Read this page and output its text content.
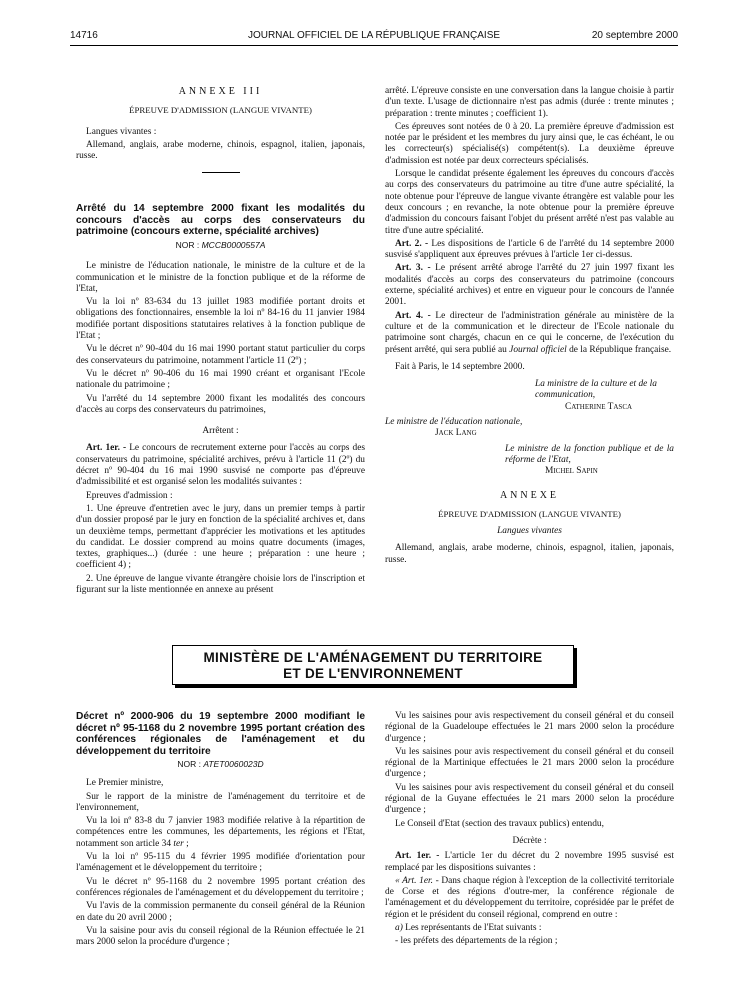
14716	JOURNAL OFFICIEL DE LA RÉPUBLIQUE FRANÇAISE	20 septembre 2000
ANNEXE III
ÉPREUVE D'ADMISSION (LANGUE VIVANTE)

Langues vivantes :

Allemand, anglais, arabe moderne, chinois, espagnol, italien, japonais, russe.

Arrêté du 14 septembre 2000 fixant les modalités du concours d'accès au corps des conservateurs du patrimoine (concours externe, spécialité archives)

NOR : MCCB0000557A

Le ministre de l'éducation nationale, le ministre de la culture et de la communication et le ministre de la fonction publique et de la réforme de l'Etat,

Vu la loi nº 83-634 du 13 juillet 1983 modifiée portant droits et obligations des fonctionnaires, ensemble la loi nº 84-16 du 11 janvier 1984 modifiée portant dispositions statutaires relatives à la fonction publique de l'Etat ;

Vu le décret nº 90-404 du 16 mai 1990 portant statut particulier du corps des conservateurs du patrimoine, notamment l'article 11 (2º) ;

Vu le décret nº 90-406 du 16 mai 1990 créant et organisant l'Ecole nationale du patrimoine ;

Vu l'arrêté du 14 septembre 2000 fixant les modalités des concours d'accès au corps des conservateurs du patrimoines,

Arrêtent :

Art. 1er. - Le concours de recrutement externe pour l'accès au corps des conservateurs du patrimoine, spécialité archives, prévu à l'article 11 (2º) du décret nº 90-404 du 16 mai 1990 susvisé ne comporte pas d'épreuve d'admissibilité et est organisé selon les modalités suivantes :

Epreuves d'admission :

1. Une épreuve d'entretien avec le jury, dans un premier temps à partir d'un dossier proposé par le jury en fonction de la spécialité archives et, dans un deuxième temps, permettant d'apprécier les motivations et les aptitudes du candidat. Le dossier comprend au moins quatre documents (images, textes, graphiques...) (durée : une heure ; préparation : une heure ; coefficient 4) ;

2. Une épreuve de langue vivante étrangère choisie lors de l'inscription et figurant sur la liste mentionnée en annexe au présent

arrêté. L'épreuve consiste en une conversation dans la langue choisie à partir d'un texte. L'usage de dictionnaire n'est pas admis (durée : trente minutes ; préparation : trente minutes ; coefficient 1).

Ces épreuves sont notées de 0 à 20. La première épreuve d'admission est notée par le président et les membres du jury ainsi que, le cas échéant, le ou les correcteur(s) spécialisé(s) compétent(s). La deuxième épreuve d'admission est notée par deux correcteurs spécialisés.

Lorsque le candidat présente également les épreuves du concours d'accès au corps des conservateurs du patrimoine au titre d'une autre spécialité, la note obtenue pour l'épreuve de langue vivante étrangère est valable pour les deux concours ; en revanche, la note obtenue pour la première épreuve d'admission du concours faisant l'objet du présent arrêté n'est pas valable au titre d'une autre spécialité.

Art. 2. - Les dispositions de l'article 6 de l'arrêté du 14 septembre 2000 susvisé s'appliquent aux épreuves prévues à l'article 1er ci-dessus.

Art. 3. - Le présent arrêté abroge l'arrêté du 27 juin 1997 fixant les modalités d'accès au corps des conservateurs du patrimoine (concours externe, spécialité archives) et entre en vigueur pour le concours de l'année 2001.

Art. 4. - Le directeur de l'administration générale au ministère de la culture et de la communication et le directeur de l'Ecole nationale du patrimoine sont chargés, chacun en ce qui le concerne, de l'exécution du présent arrêté, qui sera publié au Journal officiel de la République française.

Fait à Paris, le 14 septembre 2000.

La ministre de la culture et de la communication,
Catherine Tasca
Le ministre de l'éducation nationale,
Jack Lang
Le ministre de la fonction publique et de la réforme de l'Etat,
Michel Sapin
ANNEXE
ÉPREUVE D'ADMISSION (LANGUE VIVANTE)
Langues vivantes

Allemand, anglais, arabe moderne, chinois, espagnol, italien, japonais, russe.

MINISTÈRE DE L'AMÉNAGEMENT DU TERRITOIRE
ET DE L'ENVIRONNEMENT

Décret nº 2000-906 du 19 septembre 2000 modifiant le décret nº 95-1168 du 2 novembre 1995 portant création des conférences régionales de l'aménagement et du développement du territoire

NOR : ATET0060023D

Le Premier ministre,

Sur le rapport de la ministre de l'aménagement du territoire et de l'environnement,

Vu la loi nº 83-8 du 7 janvier 1983 modifiée relative à la répartition de compétences entre les communes, les départements, les régions et l'Etat, notamment son article 34 ter ;

Vu la loi nº 95-115 du 4 février 1995 modifiée d'orientation pour l'aménagement et le développement du territoire ;

Vu le décret nº 95-1168 du 2 novembre 1995 portant création des conférences régionales de l'aménagement et du développement du territoire ;

Vu l'avis de la commission permanente du conseil général de la Réunion en date du 20 avril 2000 ;

Vu la saisine pour avis du conseil régional de la Réunion effectuée le 21 mars 2000 selon la procédure d'urgence ;

Vu les saisines pour avis respectivement du conseil général et du conseil régional de la Guadeloupe effectuées le 21 mars 2000 selon la procédure d'urgence ;

Vu les saisines pour avis respectivement du conseil général et du conseil régional de la Martinique effectuées le 21 mars 2000 selon la procédure d'urgence ;

Vu les saisines pour avis respectivement du conseil général et du conseil régional de la Guyane effectuées le 21 mars 2000 selon la procédure d'urgence ;

Le Conseil d'Etat (section des travaux publics) entendu,

Décrète :

Art. 1er. - L'article 1er du décret du 2 novembre 1995 susvisé est remplacé par les dispositions suivantes :

« Art. 1er. - Dans chaque région à l'exception de la collectivité territoriale de Corse et des régions d'outre-mer, la conférence régionale de l'aménagement et du développement du territoire, coprésidée par le préfet de région et le président du conseil régional, comprend en outre :

a) Les représentants de l'Etat suivants :

- les préfets des départements de la région ;
